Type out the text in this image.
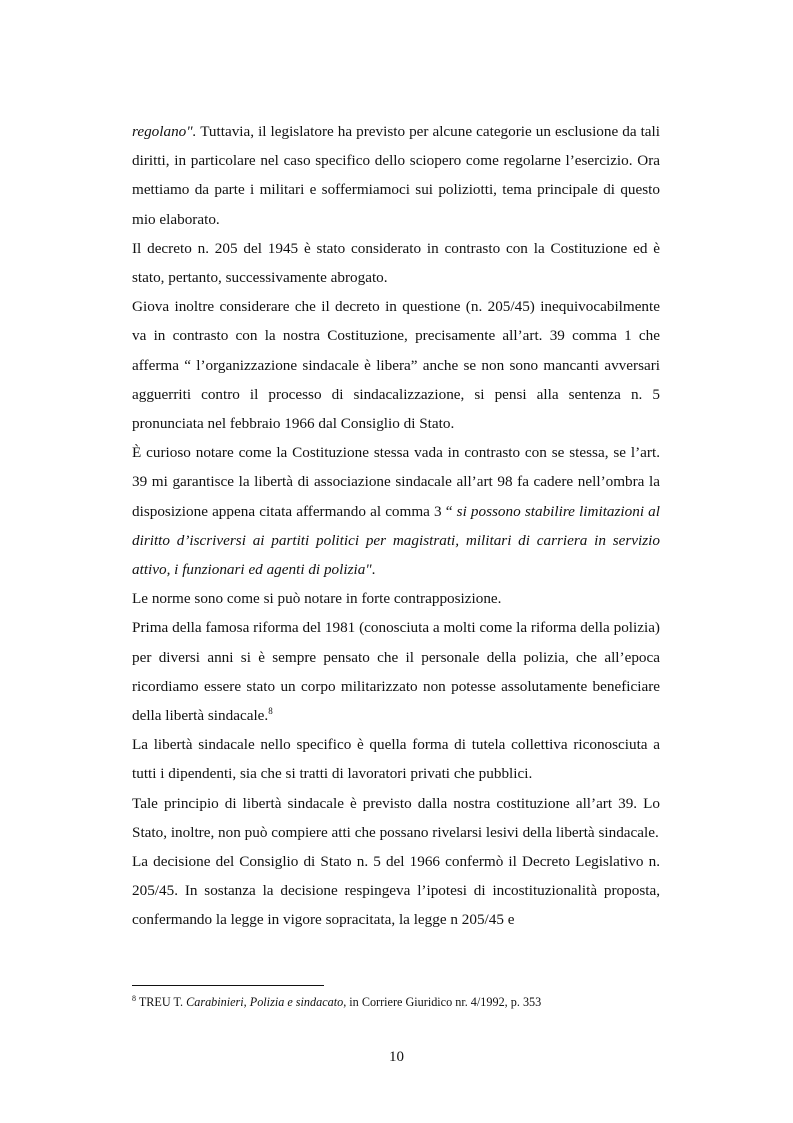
regolano". Tuttavia, il legislatore ha previsto per alcune categorie un esclusione da tali diritti, in particolare nel caso specifico dello sciopero come regolarne l’esercizio. Ora mettiamo da parte i militari e soffermiamoci sui poliziotti, tema principale di questo mio elaborato.

Il decreto n. 205 del 1945 è stato considerato in contrasto con la Costituzione ed è stato, pertanto, successivamente abrogato.

Giova inoltre considerare che il decreto in questione (n. 205/45) inequivocabilmente va in contrasto con la nostra Costituzione, precisamente all’art. 39 comma 1 che afferma “ l’organizzazione sindacale è libera” anche se non sono mancanti avversari agguerriti contro il processo di sindacalizzazione, si pensi alla sentenza n. 5 pronunciata nel febbraio 1966 dal Consiglio di Stato.

È curioso notare come la Costituzione stessa vada in contrasto con se stessa, se l’art. 39 mi garantisce la libertà di associazione sindacale all’art 98 fa cadere nell’ombra la disposizione appena citata affermando al comma 3 “ si possono stabilire limitazioni al diritto d’iscriversi ai partiti politici per magistrati, militari di carriera in servizio attivo, i funzionari ed agenti di polizia".

Le norme sono come si può notare in forte contrapposizione.

Prima della famosa riforma del 1981 (conosciuta a molti come la riforma della polizia) per diversi anni si è sempre pensato che il personale della polizia, che all’epoca ricordiamo essere stato un corpo militarizzato non potesse assolutamente beneficiare della libertà sindacale.$^8$

La libertà sindacale nello specifico è quella forma di tutela collettiva riconosciuta a tutti i dipendenti, sia che si tratti di lavoratori privati che pubblici.

Tale principio di libertà sindacale è previsto dalla nostra costituzione all’art 39. Lo Stato, inoltre, non può compiere atti che possano rivelarsi lesivi della libertà sindacale.

La decisione del Consiglio di Stato n. 5 del 1966 confermò il Decreto Legislativo n. 205/45. In sostanza la decisione respingeva l’ipotesi di incostituzionalità proposta, confermando la legge in vigore sopracitata, la legge n 205/45 e

$^8$ TREU T. Carabinieri, Polizia e sindacato, in Corriere Giuridico nr. 4/1992, p. 353
10
